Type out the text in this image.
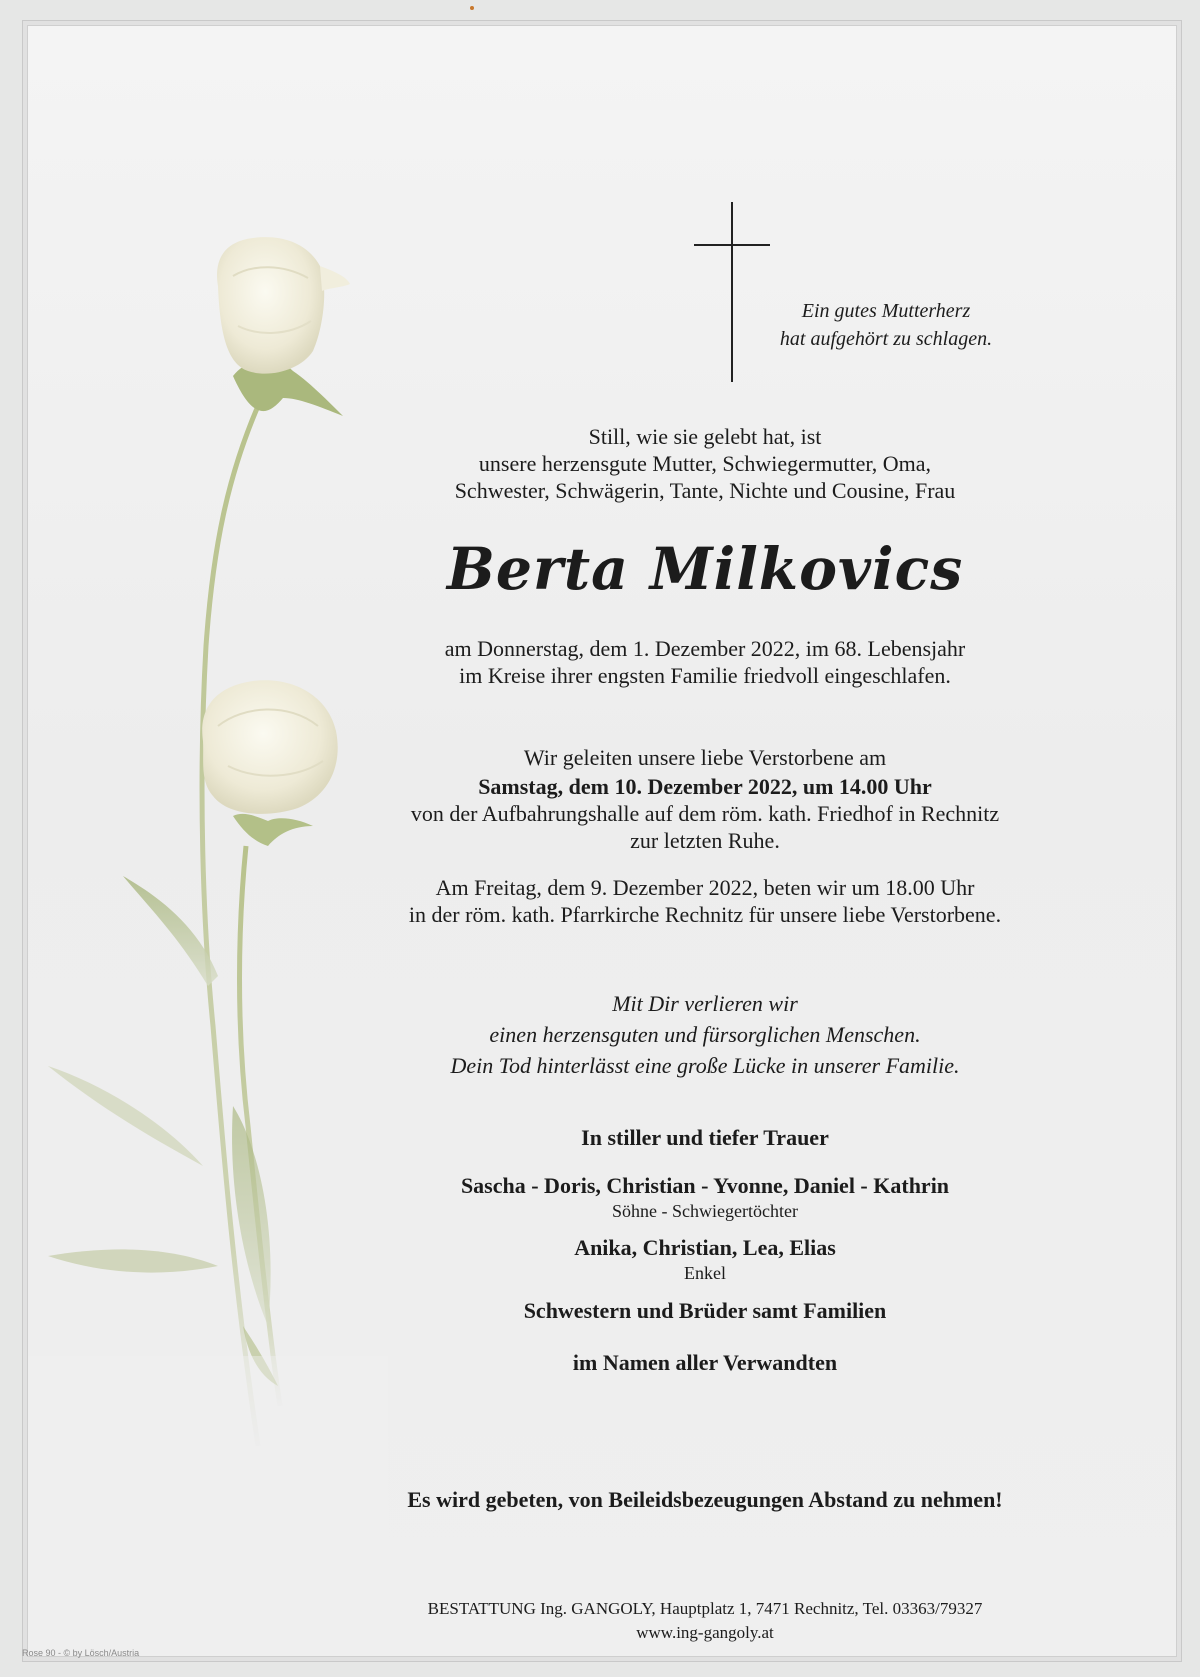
Ein gutes Mutterherz
hat aufgehört zu schlagen.
Still, wie sie gelebt hat, ist
unsere herzensgute Mutter, Schwiegermutter, Oma,
Schwester, Schwägerin, Tante, Nichte und Cousine, Frau
Berta Milkovics
am Donnerstag, dem 1. Dezember 2022, im 68. Lebensjahr
im Kreise ihrer engsten Familie friedvoll eingeschlafen.
Wir geleiten unsere liebe Verstorbene am
Samstag, dem 10. Dezember 2022, um 14.00 Uhr
von der Aufbahrungshalle auf dem röm. kath. Friedhof in Rechnitz
zur letzten Ruhe.
Am Freitag, dem 9. Dezember 2022, beten wir um 18.00 Uhr
in der röm. kath. Pfarrkirche Rechnitz für unsere liebe Verstorbene.
Mit Dir verlieren wir
einen herzensguten und fürsorglichen Menschen.
Dein Tod hinterlässt eine große Lücke in unserer Familie.
In stiller und tiefer Trauer
Sascha - Doris, Christian - Yvonne, Daniel - Kathrin
Söhne - Schwiegertöchter
Anika, Christian, Lea, Elias
Enkel
Schwestern und Brüder samt Familien
im Namen aller Verwandten
Es wird gebeten, von Beileidsbezeugungen Abstand zu nehmen!
BESTATTUNG Ing. GANGOLY, Hauptplatz 1, 7471 Rechnitz, Tel. 03363/79327
www.ing-gangoly.at
Rose 90 - © by Lösch/Austria
